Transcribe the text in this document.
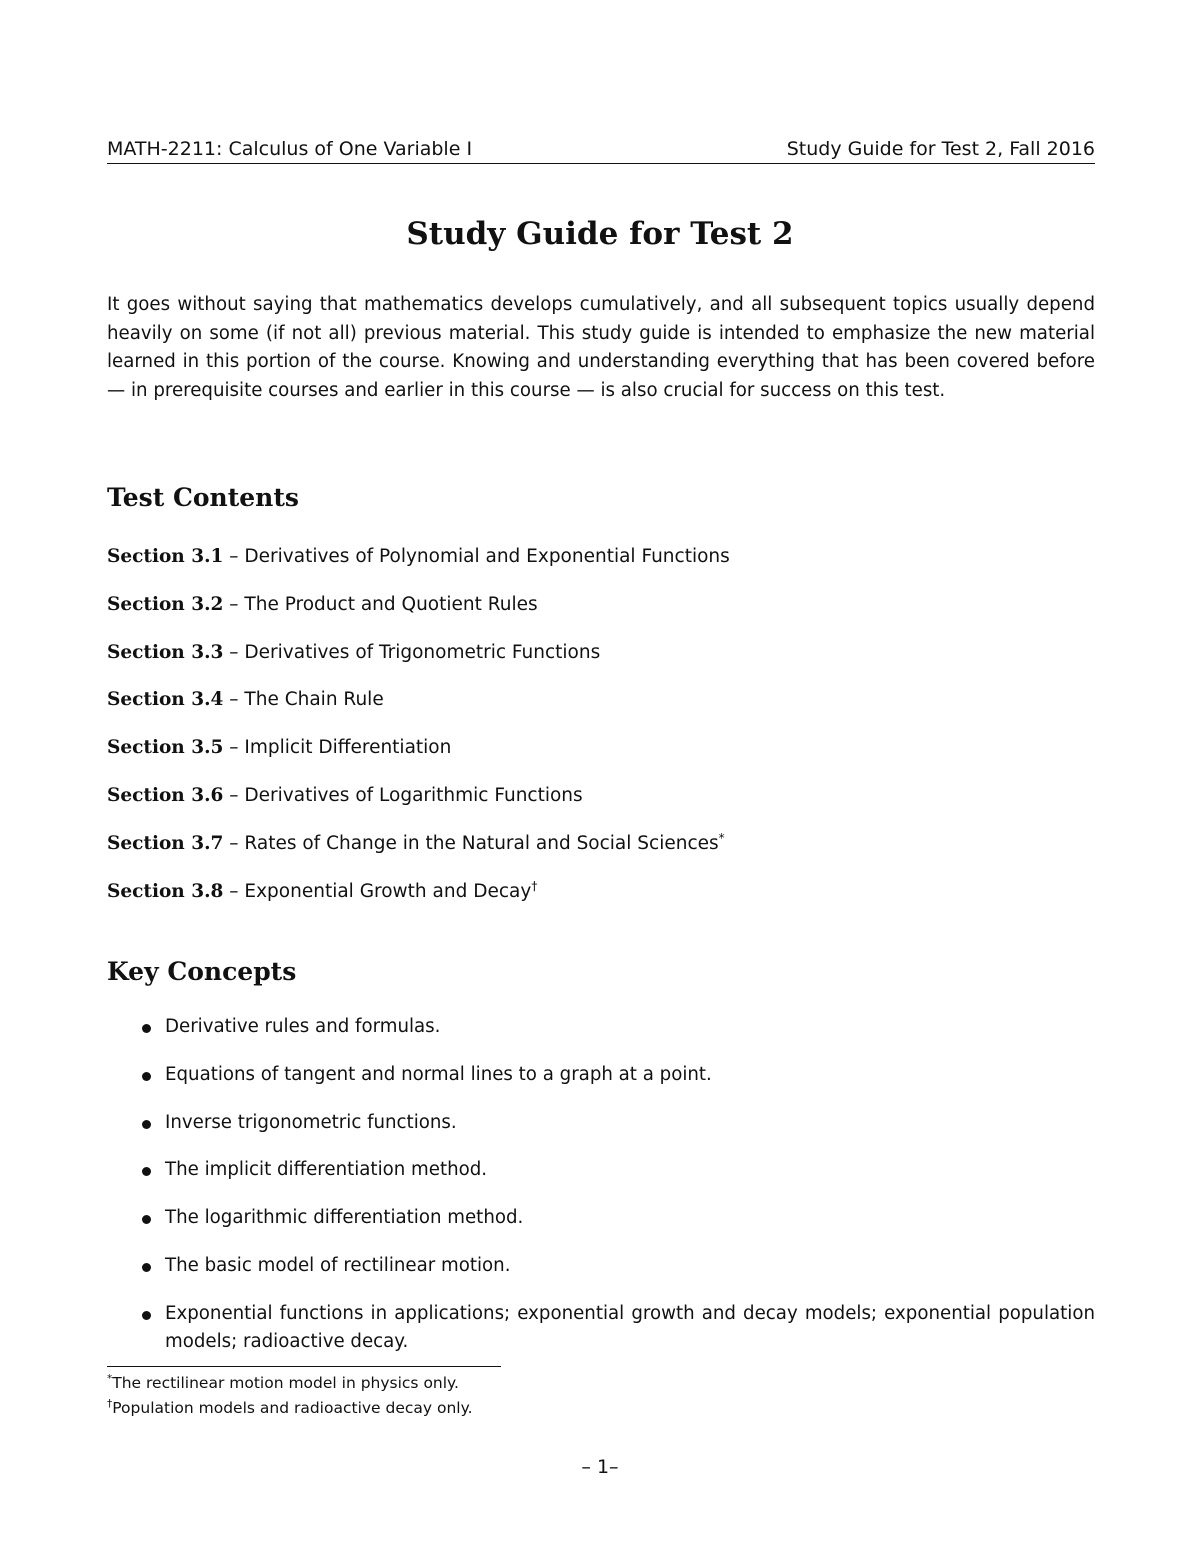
MATH-2211: Calculus of One Variable I	Study Guide for Test 2, Fall 2016
Study Guide for Test 2

It goes without saying that mathematics develops cumulatively, and all subsequent topics usually depend heavily on some (if not all) previous material. This study guide is intended to emphasize the new material learned in this portion of the course. Knowing and understanding everything that has been covered before — in prerequisite courses and earlier in this course — is also crucial for success on this test.

Test Contents
Section 3.1 – Derivatives of Polynomial and Exponential Functions
Section 3.2 – The Product and Quotient Rules
Section 3.3 – Derivatives of Trigonometric Functions
Section 3.4 – The Chain Rule
Section 3.5 – Implicit Differentiation
Section 3.6 – Derivatives of Logarithmic Functions
Section 3.7 – Rates of Change in the Natural and Social Sciences*
Section 3.8 – Exponential Growth and Decay†
Key Concepts
Derivative rules and formulas.
Equations of tangent and normal lines to a graph at a point.
Inverse trigonometric functions.
The implicit differentiation method.
The logarithmic differentiation method.
The basic model of rectilinear motion.
Exponential functions in applications; exponential growth and decay models; exponential population models; radioactive decay.
*The rectilinear motion model in physics only.
†Population models and radioactive decay only.
– 1–
